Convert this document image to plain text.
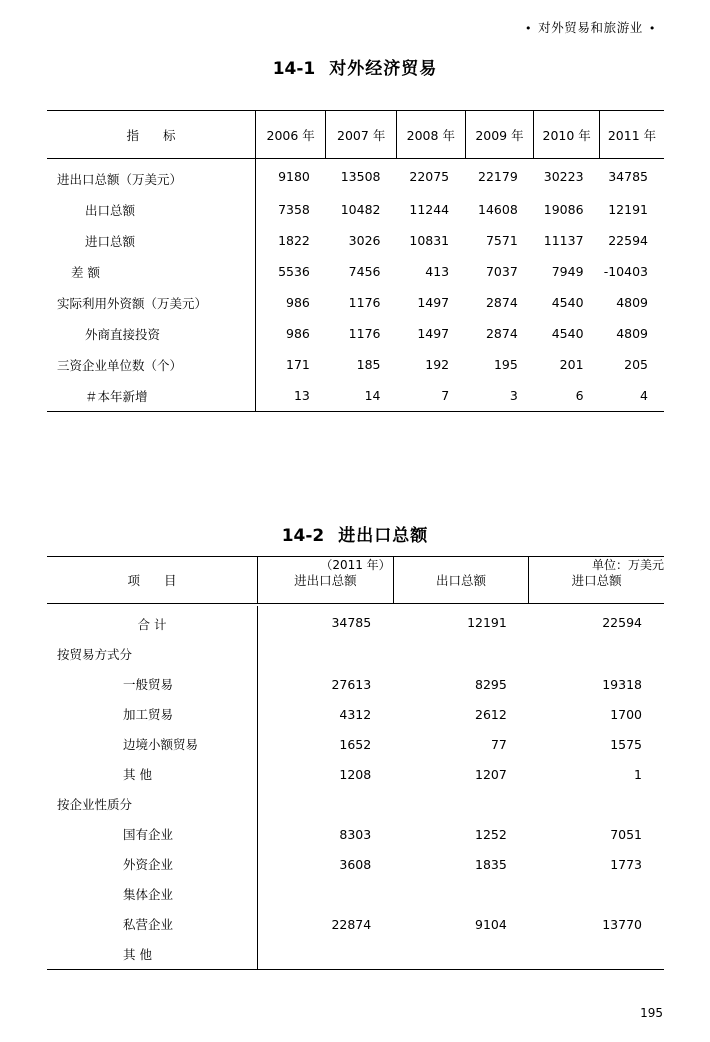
• 对外贸易和旅游业 •
14-1 对外经济贸易
指 标	2006 年	2007 年	2008 年	2009 年	2010 年	2011 年

进出口总额（万美元）	9180	13508	22075	22179	30223	34785
出口总额	7358	10482	11244	14608	19086	12191
进口总额	1822	3026	10831	7571	11137	22594
差 额	5536	7456	413	7037	7949	-10403
实际利用外资额（万美元）	986	1176	1497	2874	4540	4809
外商直接投资	986	1176	1497	2874	4540	4809
三资企业单位数（个）	171	185	192	195	201	205
＃本年新增	13	14	7	3	6	4
14-2 进出口总额
（2011 年）	单位：万美元
项 目	进出口总额	出口总额	进口总额

合 计	34785	12191	22594
按贸易方式分			
一般贸易	27613	8295	19318
加工贸易	4312	2612	1700
边境小额贸易	1652	77	1575
其 他	1208	1207	1
按企业性质分			
国有企业	8303	1252	7051
外资企业	3608	1835	1773
集体企业			
私营企业	22874	9104	13770
其 他			
195
